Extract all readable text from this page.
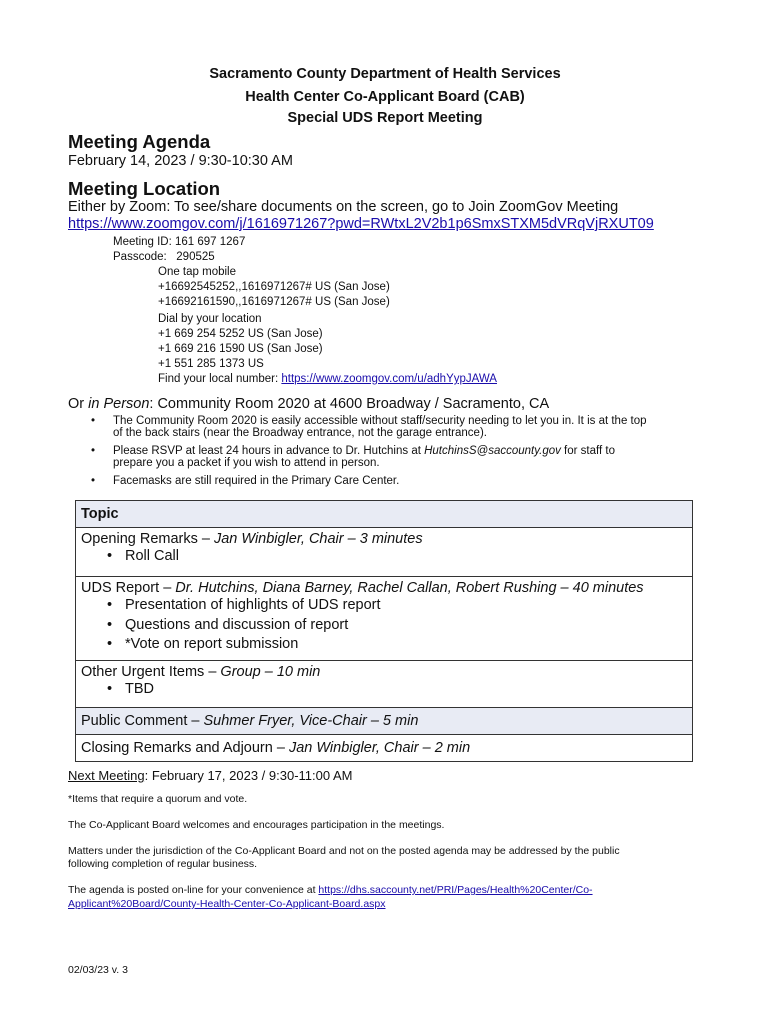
Sacramento County Department of Health Services
Health Center Co-Applicant Board (CAB)
Special UDS Report Meeting
Meeting Agenda
February 14, 2023 / 9:30-10:30 AM
Meeting Location
Either by Zoom: To see/share documents on the screen, go to Join ZoomGov Meeting
https://www.zoomgov.com/j/1616971267?pwd=RWtxL2V2b1p6SmxSTXM5dVRqVjRXUT09
Meeting ID: 161 697 1267
Passcode:   290525
One tap mobile
+16692545252,,1616971267# US (San Jose)
+16692161590,,1616971267# US (San Jose)
Dial by your location
+1 669 254 5252 US (San Jose)
+1 669 216 1590 US (San Jose)
+1 551 285 1373 US
Find your local number: https://www.zoomgov.com/u/adhYypJAWA
Or in Person: Community Room 2020 at 4600 Broadway / Sacramento, CA
• The Community Room 2020 is easily accessible without staff/security needing to let you in. It is at the top
of the back stairs (near the Broadway entrance, not the garage entrance).
• Please RSVP at least 24 hours in advance to Dr. Hutchins at HutchinsS@saccounty.gov for staff to
prepare you a packet if you wish to attend in person.
• Facemasks are still required in the Primary Care Center.
Topic

Opening Remarks – Jan Winbigler, Chair – 3 minutes
• Roll Call

UDS Report – Dr. Hutchins, Diana Barney, Rachel Callan, Robert Rushing – 40 minutes
• Presentation of highlights of UDS report
• Questions and discussion of report
• *Vote on report submission

Other Urgent Items – Group – 10 min
• TBD

Public Comment – Suhmer Fryer, Vice-Chair – 5 min
Closing Remarks and Adjourn – Jan Winbigler, Chair – 2 min
Next Meeting: February 17, 2023 / 9:30-11:00 AM
*Items that require a quorum and vote.
The Co-Applicant Board welcomes and encourages participation in the meetings.
Matters under the jurisdiction of the Co-Applicant Board and not on the posted agenda may be addressed by the public
following completion of regular business.
The agenda is posted on-line for your convenience at https://dhs.saccounty.net/PRI/Pages/Health%20Center/Co-
Applicant%20Board/County-Health-Center-Co-Applicant-Board.aspx
02/03/23 v. 3
